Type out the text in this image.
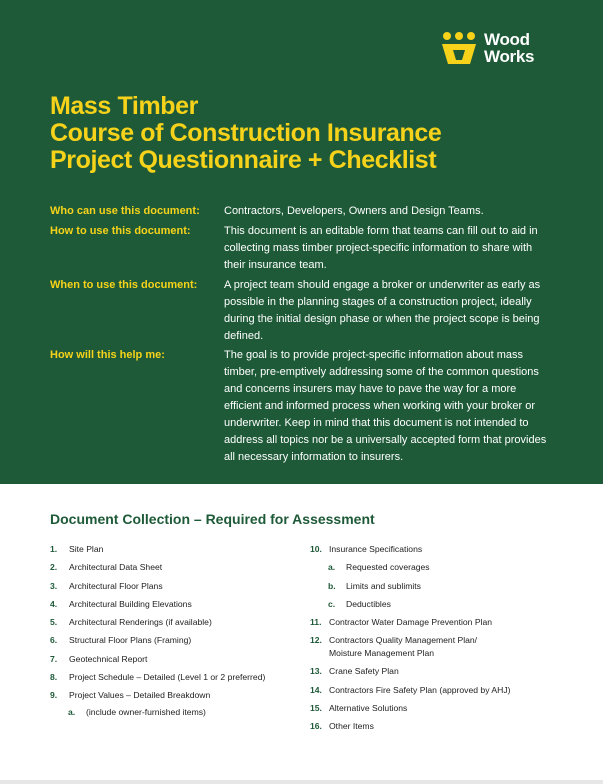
Wood
Works
Mass Timber
Course of Construction Insurance
Project Questionnaire + Checklist
Who can use this document:	Contractors, Developers, Owners and Design Teams.
How to use this document:	This document is an editable form that teams can fill out to aid in collecting mass timber project-specific information to share with their insurance team.
When to use this document:	A project team should engage a broker or underwriter as early as possible in the planning stages of a construction project, ideally during the initial design phase or when the project scope is being defined.
How will this help me:	The goal is to provide project-specific information about mass timber, pre-emptively addressing some of the common questions and concerns insurers may have to pave the way for a more efficient and informed process when working with your broker or underwriter. Keep in mind that this document is not intended to address all topics nor be a universally accepted form that provides all necessary information to insurers.
Document Collection – Required for Assessment
1. Site Plan
2. Architectural Data Sheet
3. Architectural Floor Plans
4. Architectural Building Elevations
5. Architectural Renderings (if available)
6. Structural Floor Plans (Framing)
7. Geotechnical Report
8. Project Schedule – Detailed (Level 1 or 2 preferred)
9. Project Values – Detailed Breakdown
a. (include owner-furnished items)
10. Insurance Specifications
a. Requested coverages
b. Limits and sublimits
c. Deductibles
11. Contractor Water Damage Prevention Plan
12. Contractors Quality Management Plan/
Moisture Management Plan
13. Crane Safety Plan
14. Contractors Fire Safety Plan (approved by AHJ)
15. Alternative Solutions
16. Other Items
